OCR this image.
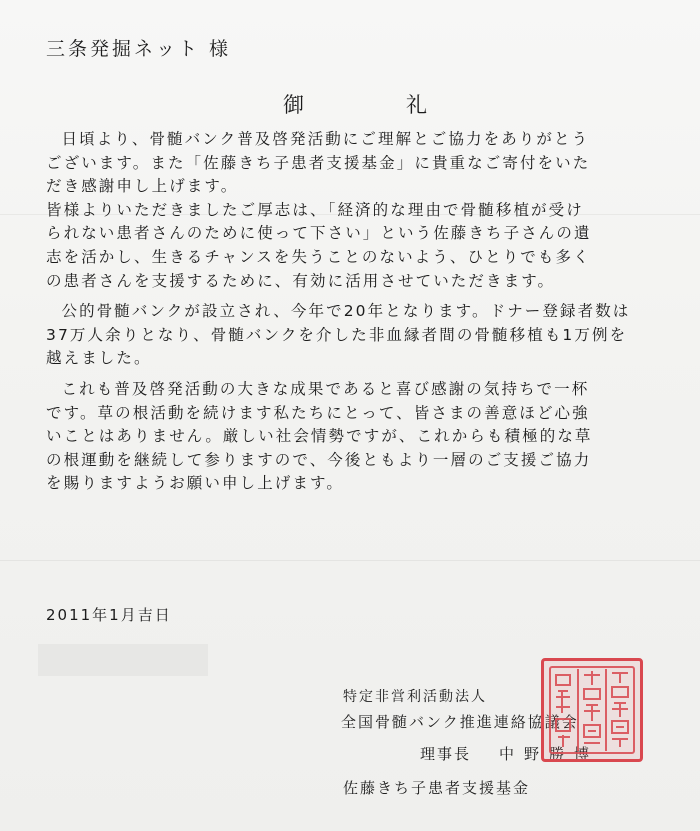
三条発掘ネット 様
御	礼
日頃より、骨髄バンク普及啓発活動にご理解とご協力をありがとう
ございます。また「佐藤きち子患者支援基金」に貴重なご寄付をいた
だき感謝申し上げます。
皆様よりいただきましたご厚志は、「経済的な理由で骨髄移植が受け
られない患者さんのために使って下さい」という佐藤きち子さんの遺
志を活かし、生きるチャンスを失うことのないよう、ひとりでも多く
の患者さんを支援するために、有効に活用させていただきます。
公的骨髄バンクが設立され、今年で20年となります。ドナー登録者数は
37万人余りとなり、骨髄バンクを介した非血縁者間の骨髄移植も1万例を
越えました。
これも普及啓発活動の大きな成果であると喜び感謝の気持ちで一杯
です。草の根活動を続けます私たちにとって、皆さまの善意ほど心強
いことはありません。厳しい社会情勢ですが、これからも積極的な草
の根運動を継続して参りますので、今後ともより一層のご支援ご協力
を賜りますようお願い申し上げます。
2011年1月吉日
特定非営利活動法人
全国骨髄バンク推進連絡協議会
理事長 中野勝博
佐藤きち子患者支援基金
